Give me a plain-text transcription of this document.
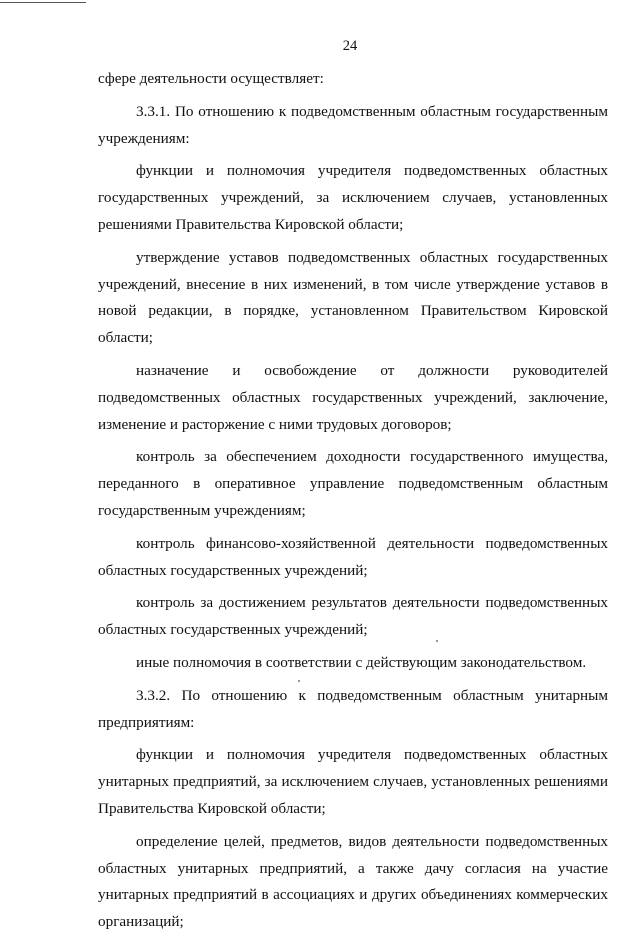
24

сфере деятельности осуществляет:

3.3.1. По отношению к подведомственным областным государственным учреждениям:

функции и полномочия учредителя подведомственных областных государственных учреждений, за исключением случаев, установленных решениями Правительства Кировской области;

утверждение уставов подведомственных областных государственных учреждений, внесение в них изменений, в том числе утверждение уставов в новой редакции, в порядке, установленном Правительством Кировской области;

назначение и освобождение от должности руководителей подведомственных областных государственных учреждений, заключение, изменение и расторжение с ними трудовых договоров;

контроль за обеспечением доходности государственного имущества, переданного в оперативное управление подведомственным областным государственным учреждениям;

контроль финансово-хозяйственной деятельности подведомственных областных государственных учреждений;

контроль за достижением результатов деятельности подведомственных областных государственных учреждений;

иные полномочия в соответствии с действующим законодательством.

3.3.2. По отношению к подведомственным областным унитарным предприятиям:

функции и полномочия учредителя подведомственных областных унитарных предприятий, за исключением случаев, установленных решениями Правительства Кировской области;

определение целей, предметов, видов деятельности подведомственных областных унитарных предприятий, а также дачу согласия на участие унитарных предприятий в ассоциациях и других объединениях коммерческих организаций;
